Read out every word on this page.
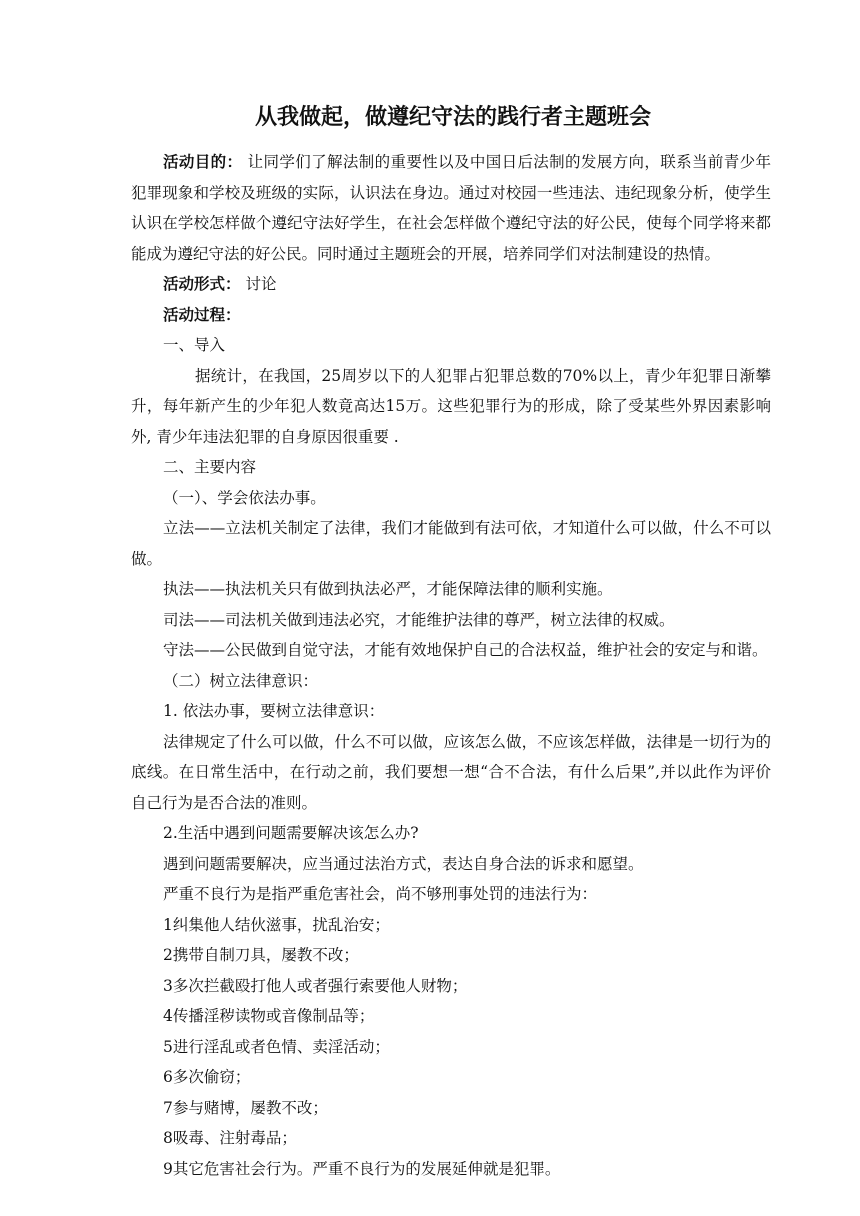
从我做起，做遵纪守法的践行者主题班会

活动目的： 让同学们了解法制的重要性以及中国日后法制的发展方向，联系当前青少年犯罪现象和学校及班级的实际，认识法在身边。通过对校园一些违法、违纪现象分析，使学生认识在学校怎样做个遵纪守法好学生，在社会怎样做个遵纪守法的好公民，使每个同学将来都能成为遵纪守法的好公民。同时通过主题班会的开展，培养同学们对法制建设的热情。

活动形式： 讨论

活动过程：

一、导入

据统计，在我国，25周岁以下的人犯罪占犯罪总数的70%以上，青少年犯罪日渐攀升，每年新产生的少年犯人数竟高达15万。这些犯罪行为的形成，除了受某些外界因素影响外, 青少年违法犯罪的自身原因很重要 .

二、主要内容

（一）、学会依法办事。

立法——立法机关制定了法律，我们才能做到有法可依，才知道什么可以做，什么不可以做。

执法——执法机关只有做到执法必严，才能保障法律的顺利实施。

司法——司法机关做到违法必究，才能维护法律的尊严，树立法律的权威。

守法——公民做到自觉守法，才能有效地保护自己的合法权益，维护社会的安定与和谐。

（二）树立法律意识：

1. 依法办事，要树立法律意识：

法律规定了什么可以做，什么不可以做，应该怎么做，不应该怎样做，法律是一切行为的底线。在日常生活中，在行动之前，我们要想一想“合不合法，有什么后果”,并以此作为评价自己行为是否合法的准则。

2.生活中遇到问题需要解决该怎么办?

遇到问题需要解决，应当通过法治方式，表达自身合法的诉求和愿望。

严重不良行为是指严重危害社会，尚不够刑事处罚的违法行为：

1纠集他人结伙滋事，扰乱治安；

2携带自制刀具，屡教不改；

3多次拦截殴打他人或者强行索要他人财物；

4传播淫秽读物或音像制品等；

5进行淫乱或者色情、卖淫活动；

6多次偷窃；

7参与赌博，屡教不改；

8吸毒、注射毒品；

9其它危害社会行为。严重不良行为的发展延伸就是犯罪。
